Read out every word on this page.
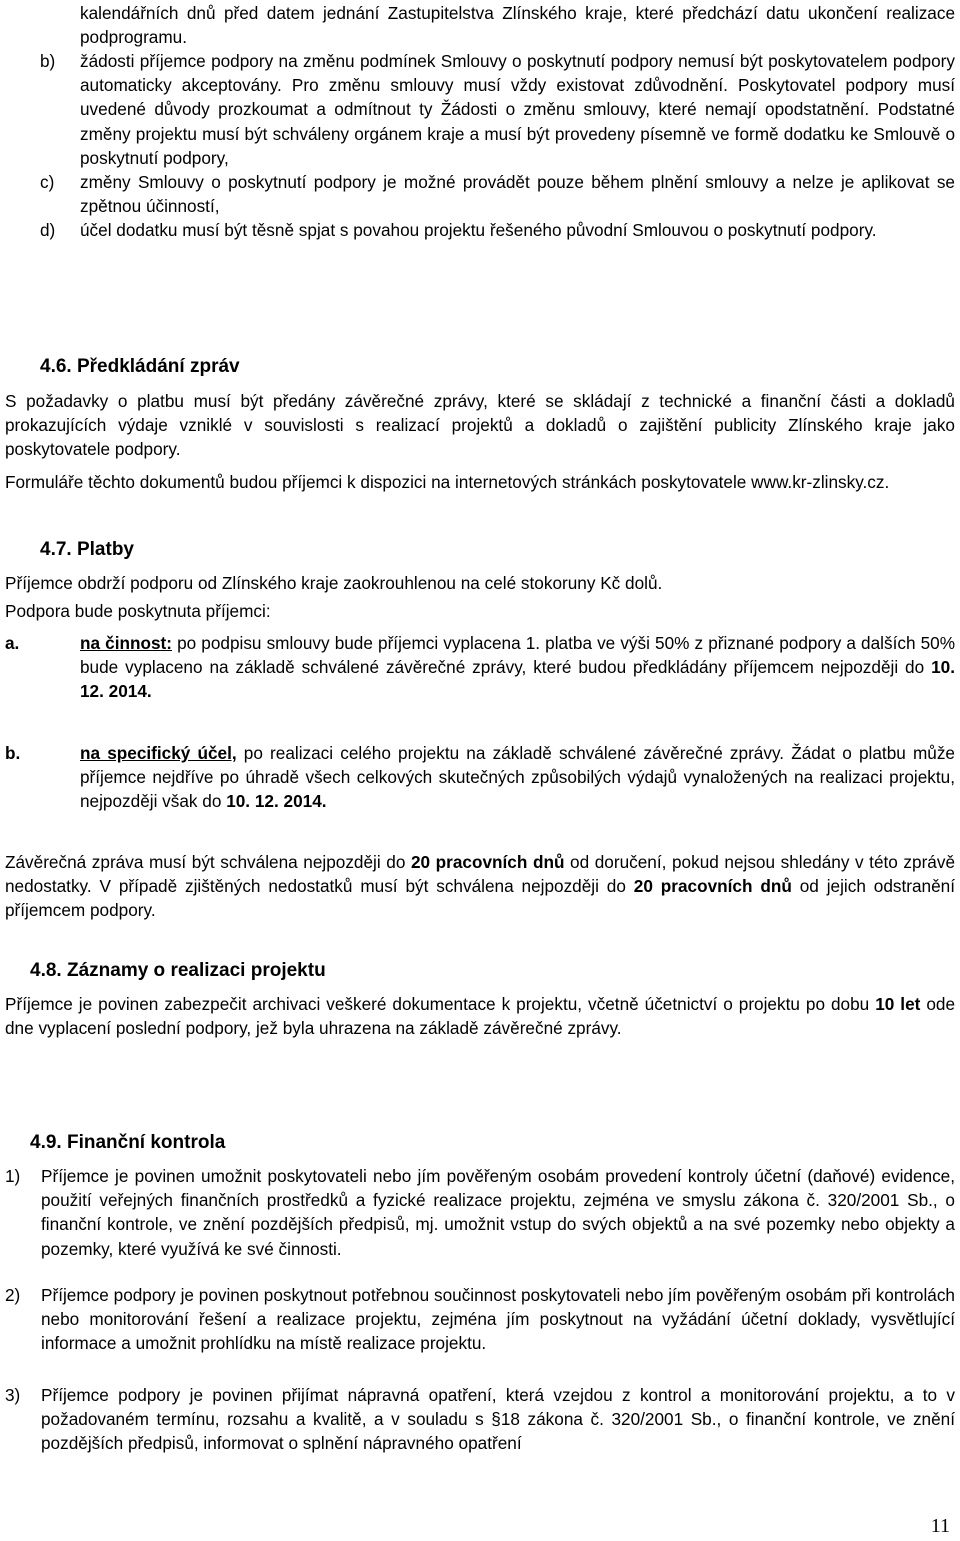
kalendářních dnů před datem jednání Zastupitelstva Zlínského kraje, které předchází datu ukončení realizace podprogramu.
b)	žádosti příjemce podpory na změnu podmínek Smlouvy o poskytnutí podpory nemusí být poskytovatelem podpory automaticky akceptovány. Pro změnu smlouvy musí vždy existovat zdůvodnění. Poskytovatel podpory musí uvedené důvody prozkoumat a odmítnout ty Žádosti o změnu smlouvy, které nemají opodstatnění. Podstatné změny projektu musí být schváleny orgánem kraje a musí být provedeny písemně ve formě dodatku ke Smlouvě o poskytnutí podpory,
c)	změny Smlouvy o poskytnutí podpory je možné provádět pouze během plnění smlouvy a nelze je aplikovat se zpětnou účinností,
d)	účel dodatku musí být těsně spjat s povahou projektu řešeného původní Smlouvou o poskytnutí podpory.
4.6. Předkládání zpráv
S požadavky o platbu musí být předány závěrečné zprávy, které se skládají z technické a finanční části a dokladů prokazujících výdaje vzniklé v souvislosti s realizací projektů a dokladů o zajištění publicity Zlínského kraje jako poskytovatele podpory.
Formuláře těchto dokumentů budou příjemci k dispozici na internetových stránkách poskytovatele www.kr-zlinsky.cz.
4.7. Platby
Příjemce obdrží podporu od Zlínského kraje zaokrouhlenou na celé stokoruny Kč dolů.
Podpora bude poskytnuta příjemci:
a.	na činnost: po podpisu smlouvy bude příjemci vyplacena 1. platba ve výši 50% z přiznané podpory a dalších 50% bude vyplaceno na základě schválené závěrečné zprávy, které budou předkládány příjemcem nejpozději do 10. 12. 2014.
b.	na specifický účel, po realizaci celého projektu na základě schválené závěrečné zprávy. Žádat o platbu může příjemce nejdříve po úhradě všech celkových skutečných způsobilých výdajů vynaložených na realizaci projektu, nejpozději však do 10. 12. 2014.
Závěrečná zpráva musí být schválena nejpozději do 20 pracovních dnů od doručení, pokud nejsou shledány v této zprávě nedostatky. V případě zjištěných nedostatků musí být schválena nejpozději do 20 pracovních dnů od jejich odstranění příjemcem podpory.
4.8. Záznamy o realizaci projektu
Příjemce je povinen zabezpečit archivaci veškeré dokumentace k projektu, včetně účetnictví o projektu po dobu 10 let ode dne vyplacení poslední podpory, jež byla uhrazena na základě závěrečné zprávy.
4.9. Finanční kontrola
1)	Příjemce je povinen umožnit poskytovateli nebo jím pověřeným osobám provedení kontroly účetní (daňové) evidence, použití veřejných finančních prostředků a fyzické realizace projektu, zejména ve smyslu zákona č. 320/2001 Sb., o finanční kontrole, ve znění pozdějších předpisů, mj. umožnit vstup do svých objektů a na své pozemky nebo objekty a pozemky, které využívá ke své činnosti.
2)	Příjemce podpory je povinen poskytnout potřebnou součinnost poskytovateli nebo jím pověřeným osobám při kontrolách nebo monitorování řešení a realizace projektu, zejména jím poskytnout na vyžádání účetní doklady, vysvětlující informace a umožnit prohlídku na místě realizace projektu.
3)	Příjemce podpory je povinen přijímat nápravná opatření, která vzejdou z kontrol a monitorování projektu, a to v požadovaném termínu, rozsahu a kvalitě, a v souladu s §18 zákona č. 320/2001 Sb., o finanční kontrole, ve znění pozdějších předpisů, informovat o splnění nápravného opatření
11
